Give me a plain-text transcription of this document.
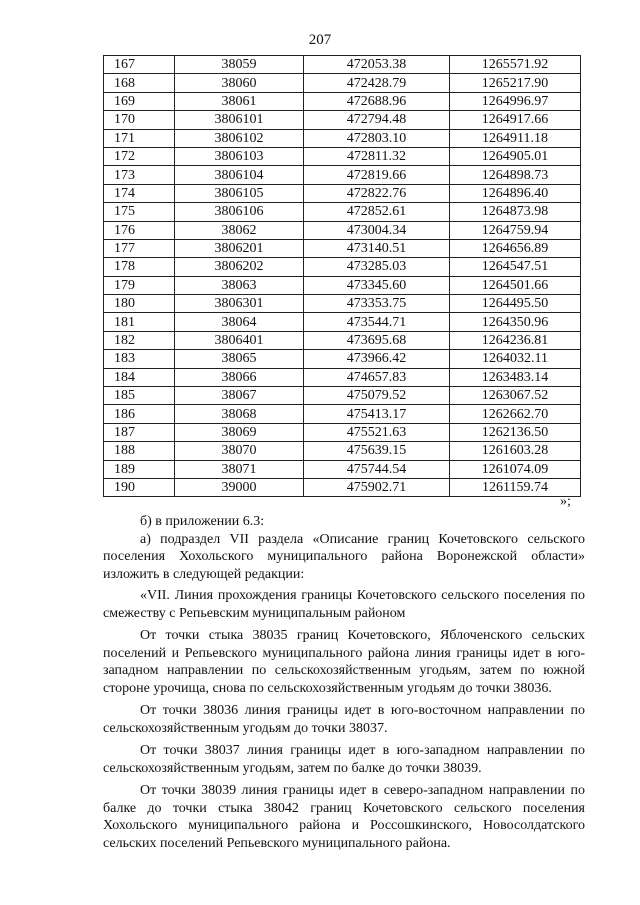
207
167	38059	472053.38	1265571.92
168	38060	472428.79	1265217.90
169	38061	472688.96	1264996.97
170	3806101	472794.48	1264917.66
171	3806102	472803.10	1264911.18
172	3806103	472811.32	1264905.01
173	3806104	472819.66	1264898.73
174	3806105	472822.76	1264896.40
175	3806106	472852.61	1264873.98
176	38062	473004.34	1264759.94
177	3806201	473140.51	1264656.89
178	3806202	473285.03	1264547.51
179	38063	473345.60	1264501.66
180	3806301	473353.75	1264495.50
181	38064	473544.71	1264350.96
182	3806401	473695.68	1264236.81
183	38065	473966.42	1264032.11
184	38066	474657.83	1263483.14
185	38067	475079.52	1263067.52
186	38068	475413.17	1262662.70
187	38069	475521.63	1262136.50
188	38070	475639.15	1261603.28
189	38071	475744.54	1261074.09
190	39000	475902.71	1261159.74
»;

б) в приложении 6.3:

а) подраздел VII раздела «Описание границ Кочетовского сельского поселения Хохольского муниципального района Воронежской области» изложить в следующей редакции:

«VII. Линия прохождения границы Кочетовского сельского поселения по смежеству с Репьевским муниципальным районом

От точки стыка 38035 границ Кочетовского, Яблоченского сельских поселений и Репьевского муниципального района линия границы идет в юго-западном направлении по сельскохозяйственным угодьям, затем по южной стороне урочища, снова по сельскохозяйственным угодьям до точки 38036.

От точки 38036 линия границы идет в юго-восточном направлении по сельскохозяйственным угодьям до точки 38037.

От точки 38037 линия границы идет в юго-западном направлении по сельскохозяйственным угодьям, затем по балке до точки 38039.

От точки 38039 линия границы идет в северо-западном направлении по балке до точки стыка 38042 границ Кочетовского сельского поселения Хохольского муниципального района и Россошкинского, Новосолдатского сельских поселений Репьевского муниципального района.
